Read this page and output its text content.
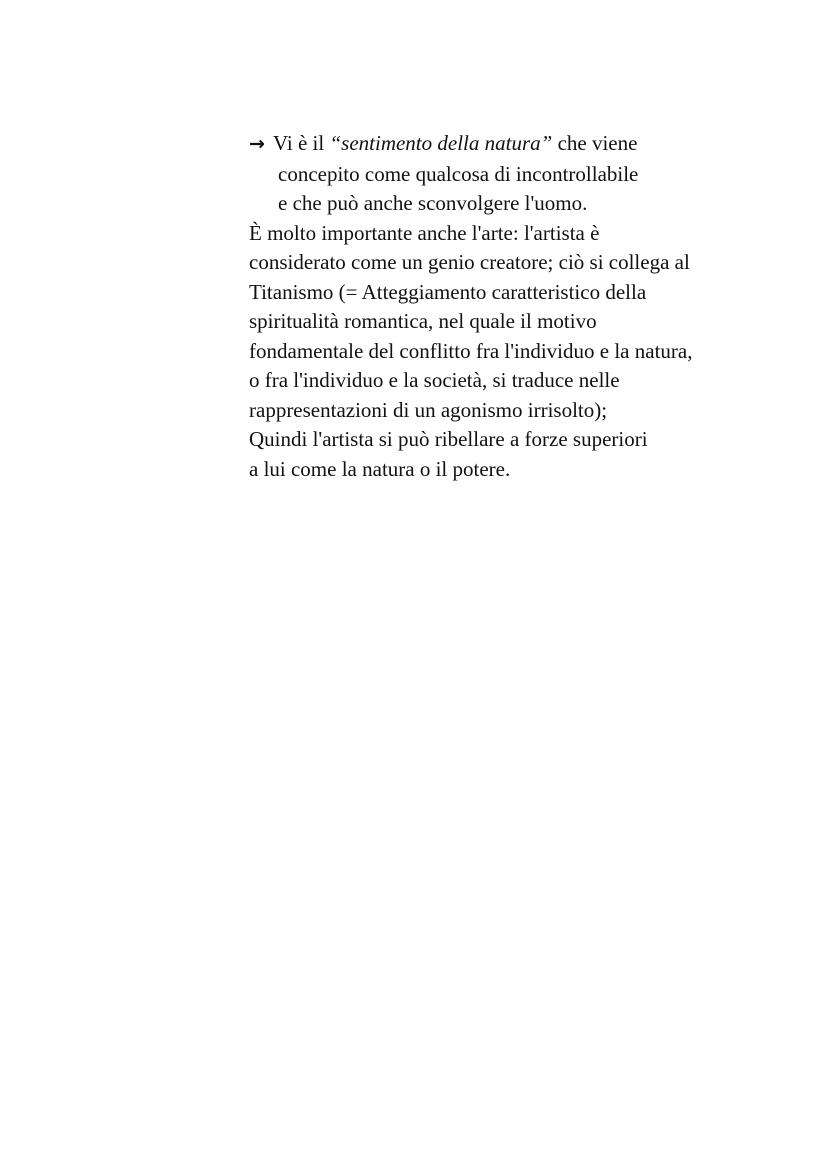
→ Vi è il “sentimento della natura” che viene
concepito come qualcosa di incontrollabile
e che può anche sconvolgere l'uomo.
È molto importante anche l'arte: l'artista è
considerato come un genio creatore; ciò si collega al
Titanismo (= Atteggiamento caratteristico della
spiritualità romantica, nel quale il motivo
fondamentale del conflitto fra l'individuo e la natura,
o fra l'individuo e la società, si traduce nelle
rappresentazioni di un agonismo irrisolto);
Quindi l'artista si può ribellare a forze superiori
a lui come la natura o il potere.
